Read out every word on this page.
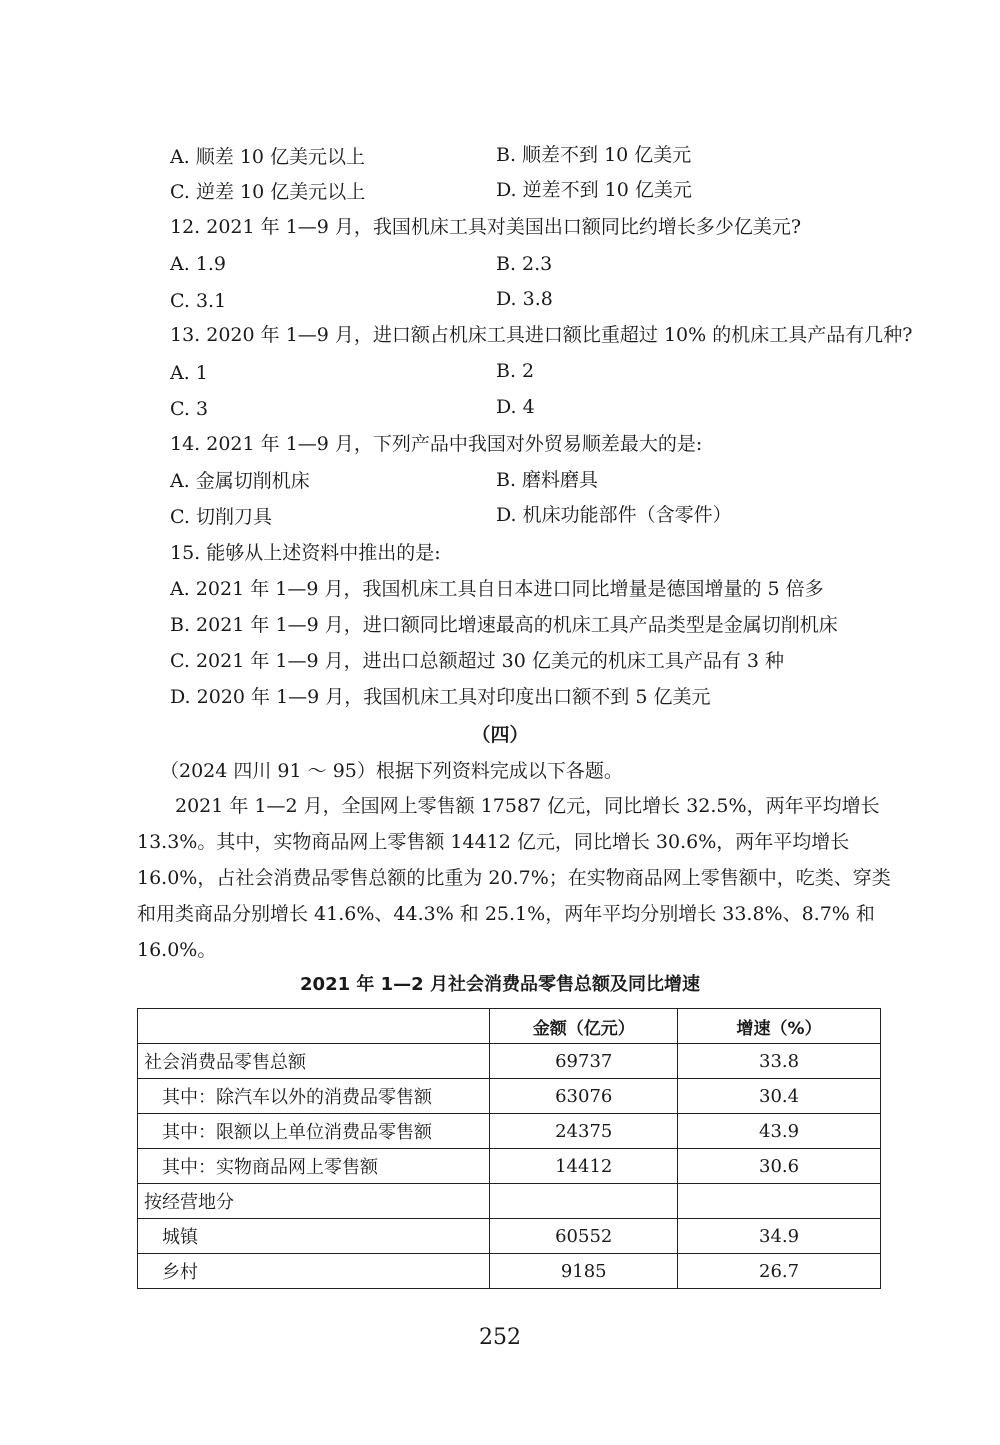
A. 顺差 10 亿美元以上	B. 顺差不到 10 亿美元
C. 逆差 10 亿美元以上	D. 逆差不到 10 亿美元
12. 2021 年 1—9 月，我国机床工具对美国出口额同比约增长多少亿美元?
A. 1.9	B. 2.3
C. 3.1	D. 3.8
13. 2020 年 1—9 月，进口额占机床工具进口额比重超过 10% 的机床工具产品有几种?
A. 1	B. 2
C. 3	D. 4
14. 2021 年 1—9 月，下列产品中我国对外贸易顺差最大的是:
A. 金属切削机床	B. 磨料磨具
C. 切削刀具	D. 机床功能部件（含零件）
15. 能够从上述资料中推出的是:
A. 2021 年 1—9 月，我国机床工具自日本进口同比增量是德国增量的 5 倍多
B. 2021 年 1—9 月，进口额同比增速最高的机床工具产品类型是金属切削机床
C. 2021 年 1—9 月，进出口总额超过 30 亿美元的机床工具产品有 3 种
D. 2020 年 1—9 月，我国机床工具对印度出口额不到 5 亿美元
（四）
（2024 四川 91 ～ 95）根据下列资料完成以下各题。
2021 年 1—2 月，全国网上零售额 17587 亿元，同比增长 32.5%，两年平均增长 13.3%。其中，实物商品网上零售额 14412 亿元，同比增长 30.6%，两年平均增长 16.0%，占社会消费品零售总额的比重为 20.7%；在实物商品网上零售额中，吃类、穿类和用类商品分别增长 41.6%、44.3% 和 25.1%，两年平均分别增长 33.8%、8.7% 和 16.0%。
2021 年 1—2 月社会消费品零售总额及同比增速
	金额（亿元）	增速（%）
社会消费品零售总额	69737	33.8
其中：除汽车以外的消费品零售额	63076	30.4
其中：限额以上单位消费品零售额	24375	43.9
其中：实物商品网上零售额	14412	30.6
按经营地分		
城镇	60552	34.9
乡村	9185	26.7
252
